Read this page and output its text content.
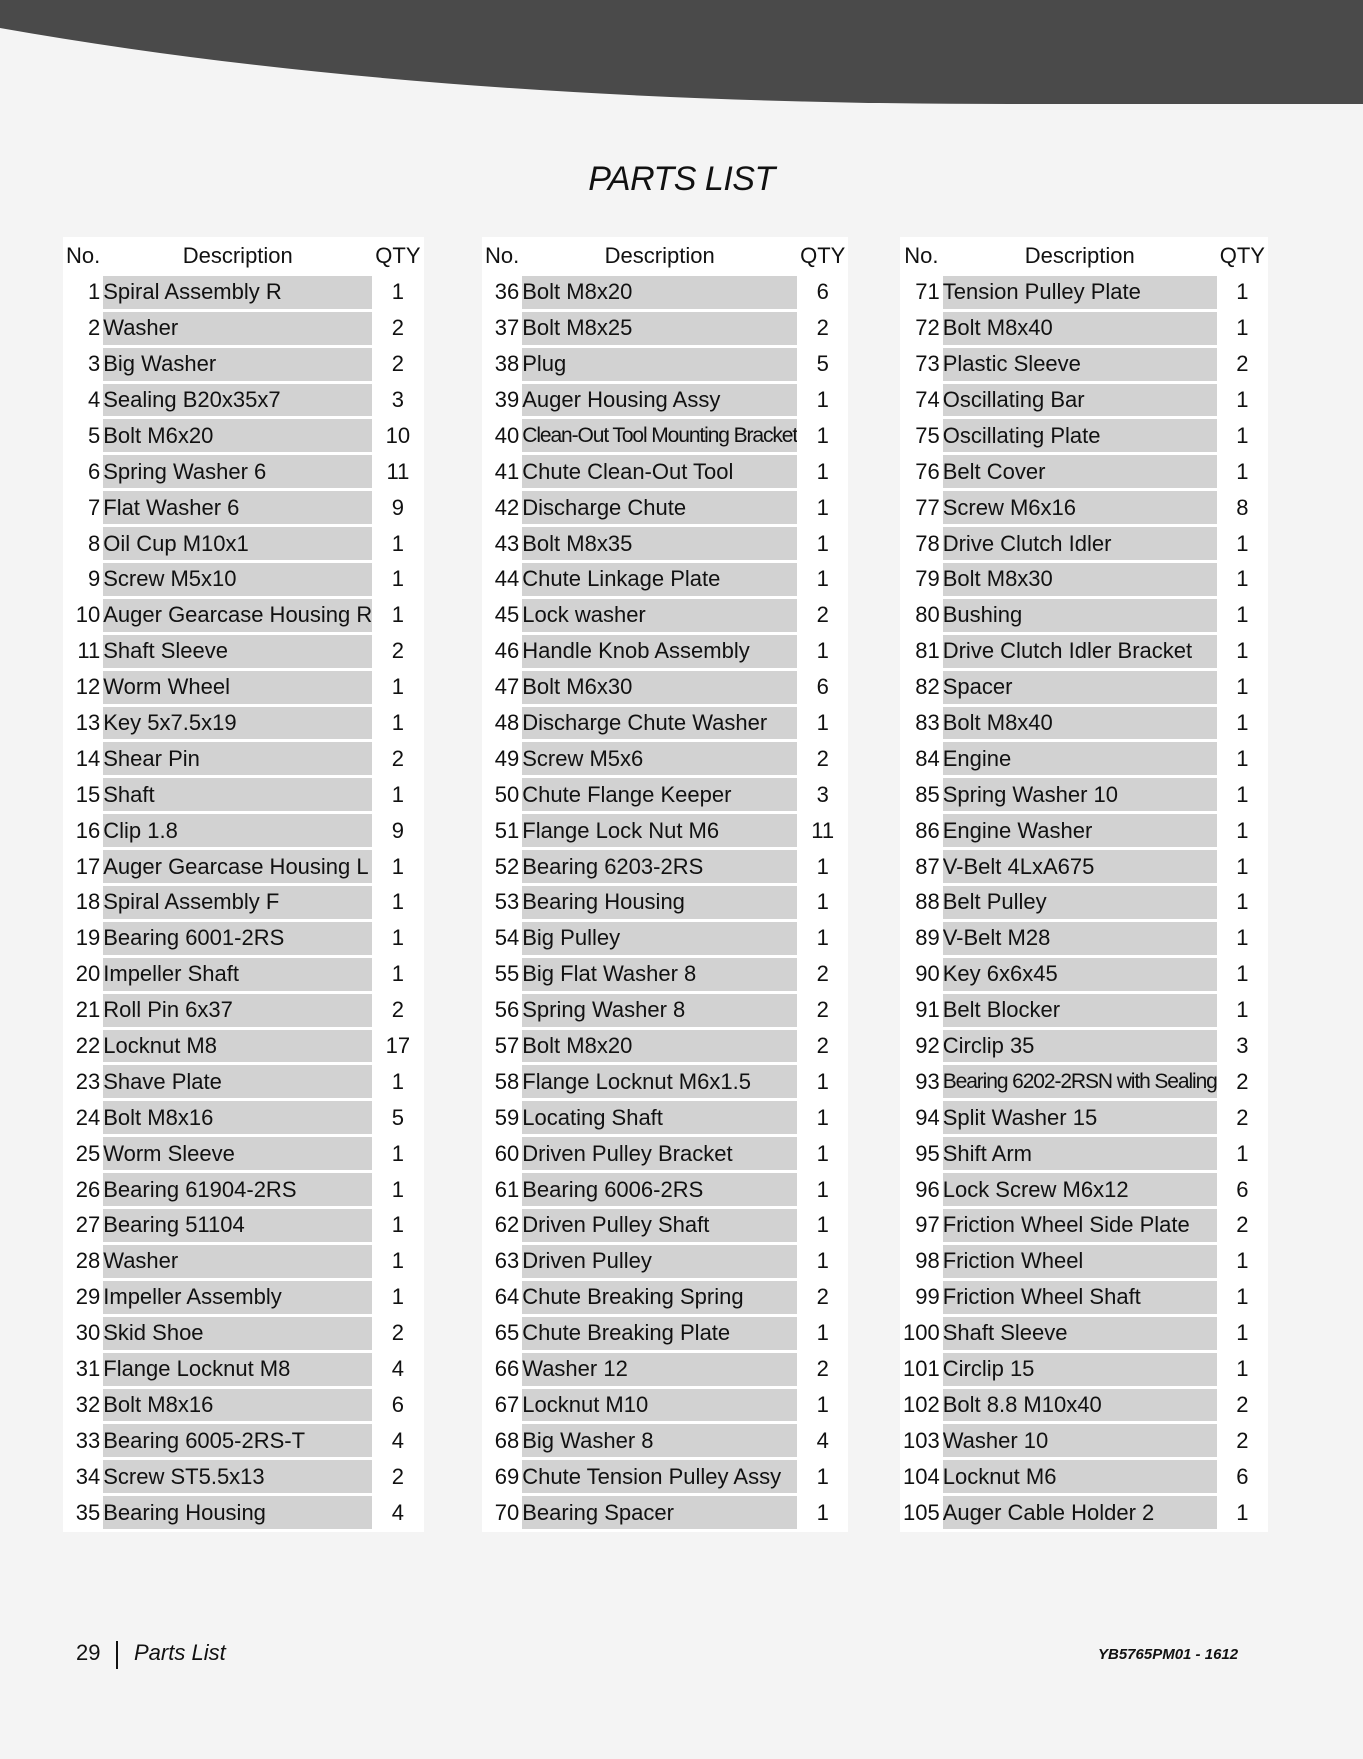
PARTS LIST
No.	Description	QTY
1	Spiral Assembly R	1
2	Washer	2
3	Big Washer	2
4	Sealing B20x35x7	3
5	Bolt M6x20	10
6	Spring Washer 6	11
7	Flat Washer 6	9
8	Oil Cup M10x1	1
9	Screw M5x10	1
10	Auger Gearcase Housing R	1
11	Shaft Sleeve	2
12	Worm Wheel	1
13	Key 5x7.5x19	1
14	Shear Pin	2
15	Shaft	1
16	Clip 1.8	9
17	Auger Gearcase Housing L	1
18	Spiral Assembly F	1
19	Bearing 6001-2RS	1
20	Impeller Shaft	1
21	Roll Pin 6x37	2
22	Locknut M8	17
23	Shave Plate	1
24	Bolt M8x16	5
25	Worm Sleeve	1
26	Bearing 61904-2RS	1
27	Bearing 51104	1
28	Washer	1
29	Impeller Assembly	1
30	Skid Shoe	2
31	Flange Locknut M8	4
32	Bolt M8x16	6
33	Bearing 6005-2RS-T	4
34	Screw ST5.5x13	2
35	Bearing Housing	4
No.	Description	QTY
36	Bolt M8x20	6
37	Bolt M8x25	2
38	Plug	5
39	Auger Housing Assy	1
40	Clean-Out Tool Mounting Bracket	1
41	Chute Clean-Out Tool	1
42	Discharge Chute	1
43	Bolt M8x35	1
44	Chute Linkage Plate	1
45	Lock washer	2
46	Handle Knob Assembly	1
47	Bolt M6x30	6
48	Discharge Chute Washer	1
49	Screw M5x6	2
50	Chute Flange Keeper	3
51	Flange Lock Nut M6	11
52	Bearing 6203-2RS	1
53	Bearing Housing	1
54	Big Pulley	1
55	Big Flat Washer 8	2
56	Spring Washer 8	2
57	Bolt M8x20	2
58	Flange Locknut M6x1.5	1
59	Locating Shaft	1
60	Driven Pulley Bracket	1
61	Bearing 6006-2RS	1
62	Driven Pulley Shaft	1
63	Driven Pulley	1
64	Chute Breaking Spring	2
65	Chute Breaking Plate	1
66	Washer 12	2
67	Locknut M10	1
68	Big Washer 8	4
69	Chute Tension Pulley Assy	1
70	Bearing Spacer	1
No.	Description	QTY
71	Tension Pulley Plate	1
72	Bolt M8x40	1
73	Plastic Sleeve	2
74	Oscillating Bar	1
75	Oscillating Plate	1
76	Belt Cover	1
77	Screw M6x16	8
78	Drive Clutch Idler	1
79	Bolt M8x30	1
80	Bushing	1
81	Drive Clutch Idler Bracket	1
82	Spacer	1
83	Bolt M8x40	1
84	Engine	1
85	Spring Washer 10	1
86	Engine Washer	1
87	V-Belt 4LxA675	1
88	Belt Pulley	1
89	V-Belt M28	1
90	Key 6x6x45	1
91	Belt Blocker	1
92	Circlip 35	3
93	Bearing 6202-2RSN with Sealing	2
94	Split Washer 15	2
95	Shift Arm	1
96	Lock Screw M6x12	6
97	Friction Wheel Side Plate	2
98	Friction Wheel	1
99	Friction Wheel Shaft	1
100	Shaft Sleeve	1
101	Circlip 15	1
102	Bolt 8.8 M10x40	2
103	Washer 10	2
104	Locknut M6	6
105	Auger Cable Holder 2	1
29 Parts List	YB5765PM01 - 1612
